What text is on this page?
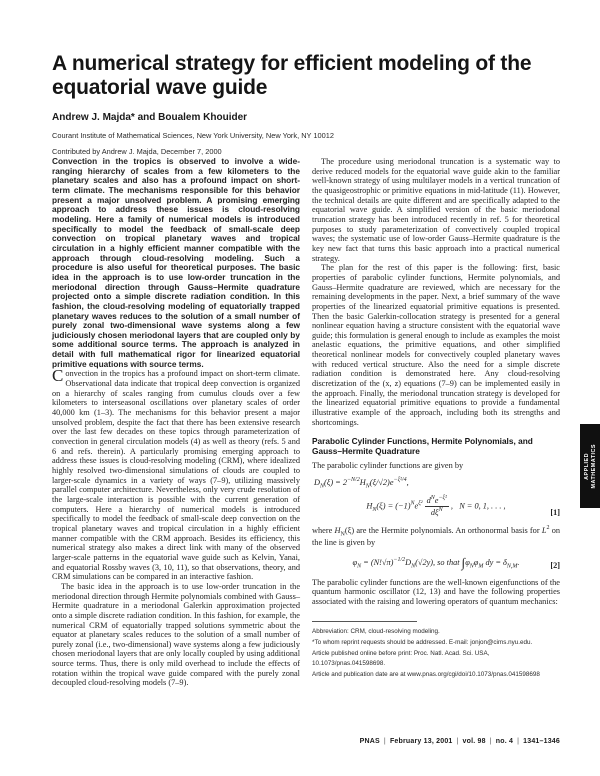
A numerical strategy for efficient modeling of the equatorial wave guide
Andrew J. Majda* and Boualem Khouider
Courant Institute of Mathematical Sciences, New York University, New York, NY 10012
Contributed by Andrew J. Majda, December 7, 2000

Convection in the tropics is observed to involve a wide-ranging hierarchy of scales from a few kilometers to the planetary scales and also has a profound impact on short-term climate. The mechanisms responsible for this behavior present a major unsolved problem. A promising emerging approach to address these issues is cloud-resolving modeling. Here a family of numerical models is introduced specifically to model the feedback of small-scale deep convection on tropical planetary waves and tropical circulation in a highly efficient manner compatible with the approach through cloud-resolving modeling. Such a procedure is also useful for theoretical purposes. The basic idea in the approach is to use low-order truncation in the meriodonal direction through Gauss–Hermite quadrature projected onto a simple discrete radiation condition. In this fashion, the cloud-resolving modeling of equatorially trapped planetary waves reduces to the solution of a small number of purely zonal two-dimensional wave systems along a few judiciously chosen meriodonal layers that are coupled only by some additional source terms. The approach is analyzed in detail with full mathematical rigor for linearized equatorial primitive equations with source terms.

Convection in the tropics has a profound impact on short-term climate. Observational data indicate that tropical deep convection is organized on a hierarchy of scales ranging from cumulus clouds over a few kilometers to interseasonal oscillations over planetary scales of order 40,000 km (1–3). The mechanisms for this behavior present a major unsolved problem, despite the fact that there has been extensive research over the last few decades on these topics through parameterization of convection in general circulation models (4) as well as theory (refs. 5 and 6 and refs. therein). A particularly promising emerging approach to address these issues is cloud-resolving modeling (CRM), where idealized highly resolved two-dimensional simulations of clouds are coupled to larger-scale dynamics in a variety of ways (7–9), utilizing massively parallel computer architecture. Nevertheless, only very crude resolution of the large-scale interaction is possible with the current generation of computers. Here a hierarchy of numerical models is introduced specifically to model the feedback of small-scale deep convection on the tropical planetary waves and tropical circulation in a highly efficient manner compatible with the CRM approach. Besides its efficiency, this numerical strategy also makes a direct link with many of the observed larger-scale patterns in the equatorial wave guide such as Kelvin, Yanai, and equatorial Rossby waves (3, 10, 11), so that observations, theory, and CRM simulations can be compared in an interactive fashion.

The basic idea in the approach is to use low-order truncation in the meriodonal direction through Hermite polynomials combined with Gauss–Hermite quadrature in a meriodonal Galerkin approximation projected onto a simple discrete radiation condition. In this fashion, for example, the numerical CRM of equatorially trapped solutions symmetric about the equator at planetary scales reduces to the solution of a small number of purely zonal (i.e., two-dimensional) wave systems along a few judiciously chosen meriodonal layers that are only locally coupled by using additional source terms. Thus, there is only mild overhead to include the effects of rotation within the tropical wave guide compared with the purely zonal decoupled cloud-resolving models (7–9).

The procedure using meriodonal truncation is a systematic way to derive reduced models for the equatorial wave guide akin to the familiar well-known strategy of using multilayer models in a vertical truncation of the quasigeostrophic or primitive equations in mid-latitude (11). However, the technical details are quite different and are specifically adapted to the equatorial wave guide. A simplified version of the basic meriodonal truncation strategy has been introduced recently in ref. 5 for theoretical purposes to study parameterization of convectively coupled tropical waves; the systematic use of low-order Gauss–Hermite quadrature is the key new fact that turns this basic approach into a practical numerical strategy.

The plan for the rest of this paper is the following: first, basic properties of parabolic cylinder functions, Hermite polynomials, and Gauss–Hermite quadrature are reviewed, which are necessary for the remaining developments in the paper. Next, a brief summary of the wave properties of the linearized equatorial primitive equations is presented. Then the basic Galerkin-collocation strategy is presented for a general nonlinear equation having a structure consistent with the equatorial wave guide; this formulation is general enough to include as examples the moist anelastic equations, the primitive equations, and other simplified theoretical nonlinear models for convectively coupled planetary waves with reduced vertical structure. Also the need for a simple discrete radiation condition is demonstrated here. Any cloud-resolving discretization of the (x, z) equations (7–9) can be implemented easily in the approach. Finally, the meriodonal truncation strategy is developed for the linearized equatorial primitive equations to provide a fundamental illustrative example of the approach, including both its strengths and shortcomings.

Parabolic Cylinder Functions, Hermite Polynomials, and Gauss–Hermite Quadrature

The parabolic cylinder functions are given by

$D_N(\xi) = 2^{-N/2}H_N(\xi/√2)e^{-\xi^2/4}$,
$H_N(\xi) = (-1)^Ne^{\xi^2} \frac{d^Ne^{-\xi^2}}{d\xi^N}$ ,  N = 0, 1, . . . ,
[1]

where $H_N(\xi)$ are the Hermite polynomials. An orthonormal basis for $L^2$ on the line is given by

$\varphi_N = (N!√\pi)^{-1/2}D_N(√2y)$, so that $\int\varphi_N\varphi_M$ dy = $\delta_{N,M}$.	[2]

The parabolic cylinder functions are the well-known eigenfunctions of the quantum harmonic oscillator (12, 13) and have the following properties associated with the raising and lowering operators of quantum mechanics:

Abbreviation: CRM, cloud-resolving modeling.
*To whom reprint requests should be addressed. E-mail: jonjon@cims.nyu.edu.
Article published online before print: Proc. Natl. Acad. Sci. USA, 10.1073/pnas.041598698.
Article and publication date are at www.pnas.org/cgi/doi/10.1073/pnas.041598698
APPLIED MATHEMATICS
PNAS | February 13, 2001 | vol. 98 | no. 4 | 1341–1346
